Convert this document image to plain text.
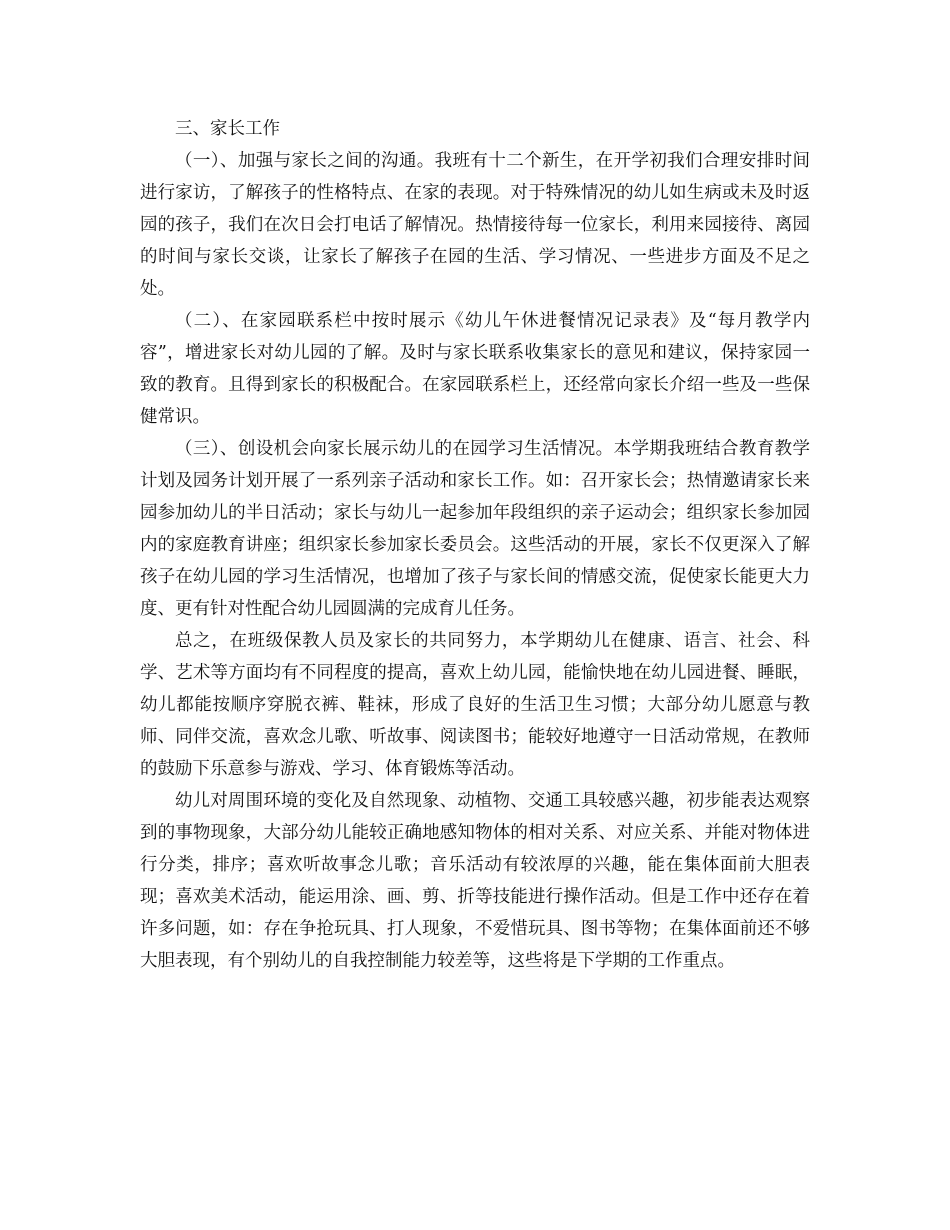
三、家长工作

（一）、加强与家长之间的沟通。我班有十二个新生，在开学初我们合理安排时间进行家访，了解孩子的性格特点、在家的表现。对于特殊情况的幼儿如生病或未及时返园的孩子，我们在次日会打电话了解情况。热情接待每一位家长，利用来园接待、离园的时间与家长交谈，让家长了解孩子在园的生活、学习情况、一些进步方面及不足之处。

（二）、在家园联系栏中按时展示《幼儿午休进餐情况记录表》及“每月教学内容”，增进家长对幼儿园的了解。及时与家长联系收集家长的意见和建议，保持家园一致的教育。且得到家长的积极配合。在家园联系栏上，还经常向家长介绍一些及一些保健常识。

（三）、创设机会向家长展示幼儿的在园学习生活情况。本学期我班结合教育教学计划及园务计划开展了一系列亲子活动和家长工作。如：召开家长会；热情邀请家长来园参加幼儿的半日活动；家长与幼儿一起参加年段组织的亲子运动会；组织家长参加园内的家庭教育讲座；组织家长参加家长委员会。这些活动的开展，家长不仅更深入了解孩子在幼儿园的学习生活情况，也增加了孩子与家长间的情感交流，促使家长能更大力度、更有针对性配合幼儿园圆满的完成育儿任务。

总之，在班级保教人员及家长的共同努力，本学期幼儿在健康、语言、社会、科学、艺术等方面均有不同程度的提高，喜欢上幼儿园，能愉快地在幼儿园进餐、睡眠，幼儿都能按顺序穿脱衣裤、鞋袜，形成了良好的生活卫生习惯；大部分幼儿愿意与教师、同伴交流，喜欢念儿歌、听故事、阅读图书；能较好地遵守一日活动常规，在教师的鼓励下乐意参与游戏、学习、体育锻炼等活动。

幼儿对周围环境的变化及自然现象、动植物、交通工具较感兴趣，初步能表达观察到的事物现象，大部分幼儿能较正确地感知物体的相对关系、对应关系、并能对物体进行分类，排序；喜欢听故事念儿歌；音乐活动有较浓厚的兴趣，能在集体面前大胆表现；喜欢美术活动，能运用涂、画、剪、折等技能进行操作活动。但是工作中还存在着许多问题，如：存在争抢玩具、打人现象，不爱惜玩具、图书等物；在集体面前还不够大胆表现，有个别幼儿的自我控制能力较差等，这些将是下学期的工作重点。
